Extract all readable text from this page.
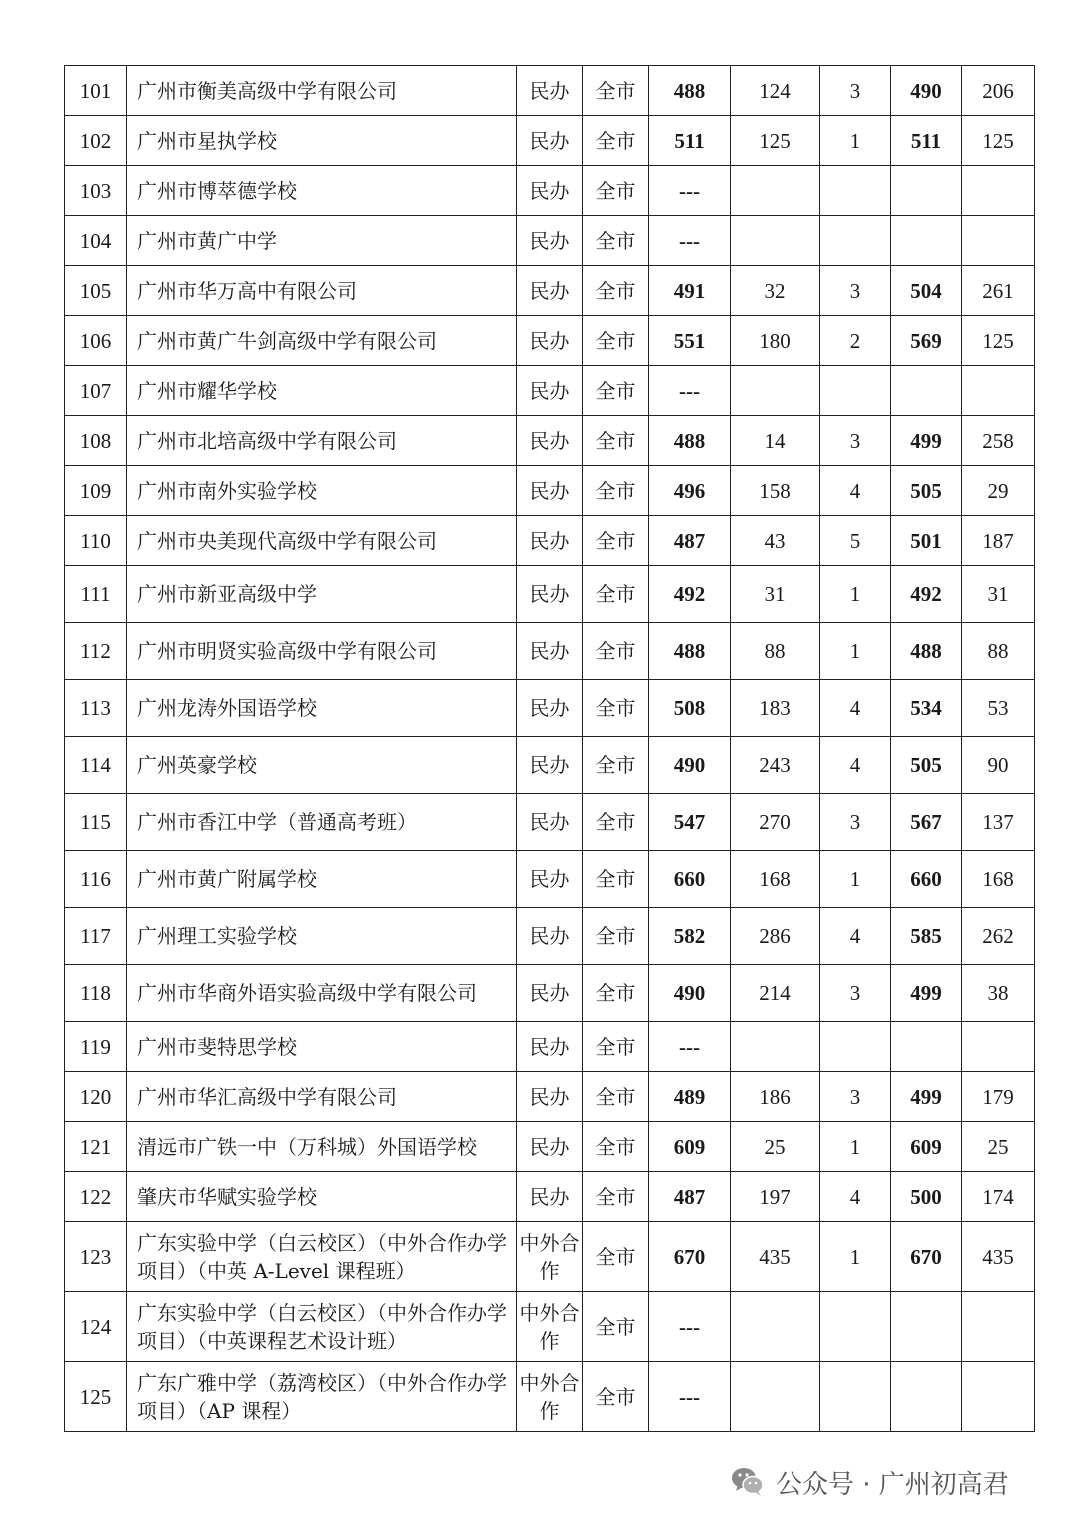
101	广州市衡美高级中学有限公司	民办	全市	488	124	3	490	206
102	广州市星执学校	民办	全市	511	125	1	511	125
103	广州市博萃德学校	民办	全市	---				
104	广州市黄广中学	民办	全市	---				
105	广州市华万高中有限公司	民办	全市	491	32	3	504	261
106	广州市黄广牛剑高级中学有限公司	民办	全市	551	180	2	569	125
107	广州市耀华学校	民办	全市	---				
108	广州市北培高级中学有限公司	民办	全市	488	14	3	499	258
109	广州市南外实验学校	民办	全市	496	158	4	505	29
110	广州市央美现代高级中学有限公司	民办	全市	487	43	5	501	187
111	广州市新亚高级中学	民办	全市	492	31	1	492	31
112	广州市明贤实验高级中学有限公司	民办	全市	488	88	1	488	88
113	广州龙涛外国语学校	民办	全市	508	183	4	534	53
114	广州英豪学校	民办	全市	490	243	4	505	90
115	广州市香江中学（普通高考班）	民办	全市	547	270	3	567	137
116	广州市黄广附属学校	民办	全市	660	168	1	660	168
117	广州理工实验学校	民办	全市	582	286	4	585	262
118	广州市华商外语实验高级中学有限公司	民办	全市	490	214	3	499	38
119	广州市斐特思学校	民办	全市	---				
120	广州市华汇高级中学有限公司	民办	全市	489	186	3	499	179
121	清远市广铁一中（万科城）外国语学校	民办	全市	609	25	1	609	25
122	肇庆市华赋实验学校	民办	全市	487	197	4	500	174
123	广东实验中学（白云校区）（中外合作办学项目）（中英 A-Level 课程班）	中外合作	全市	670	435	1	670	435
124	广东实验中学（白云校区）（中外合作办学项目）（中英课程艺术设计班）	中外合作	全市	---				
125	广东广雅中学（荔湾校区）（中外合作办学项目）（AP 课程）	中外合作	全市	---				
公众号 · 广州初高君
